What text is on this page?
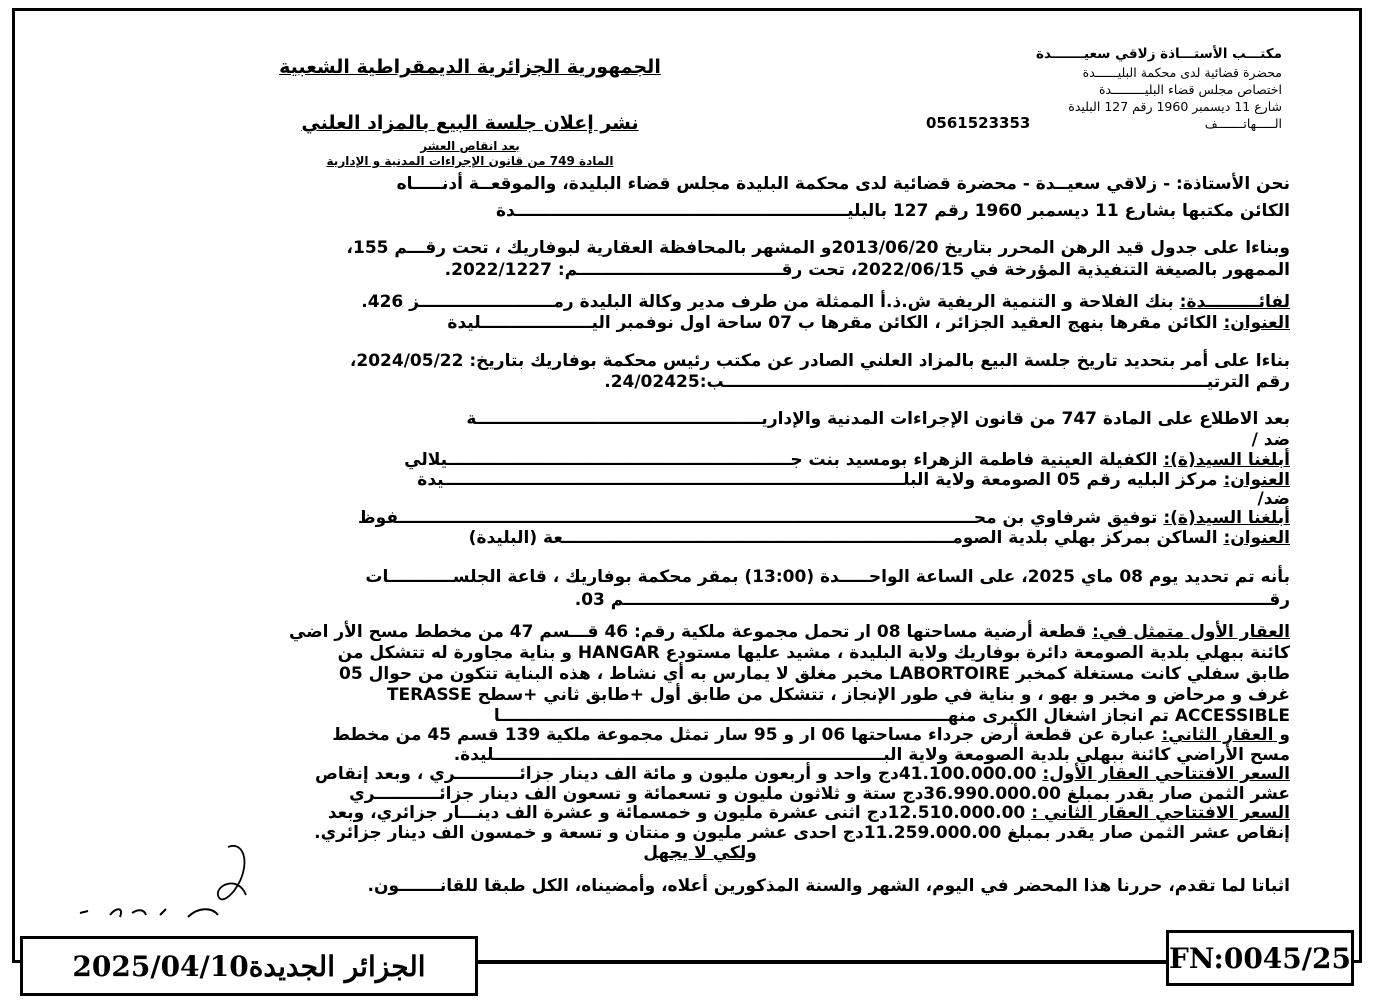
مكتـــب الأستـــاذة زلاقي سعيـــــــدة
محضرة قضائية لدى محكمة البليــــــدة
اختصاص مجلس قضاء البليـــــــــدة
شارع 11 ديسمبر 1960 رقم 127 البليدة
الـــــهاتـــــــف
0561523353
الجمهورية الجزائرية الديمقراطية الشعبية
نشر إعلان جلسة البيع بالمزاد العلني
بعد انقاص العشر
المادة 749 من قانون الإجراءات المدنية و الإدارية
نحن الأستاذة: - زلاقي سعيــدة - محضرة قضائية لدى محكمة البليدة مجلس قضاء البليدة، والموقعــة أدنـــــاه
الكائن مكتبها بشارع 11 ديسمبر 1960 رقم 127 بالبليـــــــــــــــــــــــــــــــــــــــــــــــــــــــــدة
وبناءا على جدول قيد الرهن المحرر بتاريخ 2013/06/20و المشهر بالمحافظة العقارية لبوفاريك ، تحت رقـــم 155،
الممهور بالصيغة التنفيذية المؤرخة في 2022/06/15، تحت رقـــــــــــــــــــــــــــــــــــم: 2022/1227.
لفائـــــــــدة: بنك الفلاحة و التنمية الريفية ش.ذ.أ الممثلة من طرف مدير وكالة البليدة رمـــــــــــــــــــــــز 426.
العنوان: الكائن مقرها بنهج العقيد الجزائر ، الكائن مقرها ب 07 ساحة اول نوفمبر اليـــــــــــــــــــليدة
بناءا على أمر بتحديد تاريخ جلسة البيع بالمزاد العلني الصادر عن مكتب رئيس محكمة بوفاريك بتاريخ: 2024/05/22،
رقم الترتيـــــــــــــــــــــــــــــــــــــــــــــــــــــــــــــــــــــــــــــــــــب:24/02425.
بعد الاطلاع على المادة 747 من قانون الإجراءات المدنية والإداريـــــــــــــــــــــــــــــــــــــــــــــــــة
ضد /
أبلغنا السيد(ة): الكفيلة العينية فاطمة الزهراء بومسيد بنت جـــــــــــــــــــــــــــــــــــــــــــــــــــــــــــيلالي
العنوان: مركز البليه رقم 05 الصومعة ولاية البلـــــــــــــــــــــــــــــــــــــــــــــــــــــــــــــــــــــــــــــــيدة
ضد/
أبلغنا السيد(ة): توفيق شرفاوي بن محـــــــــــــــــــــــــــــــــــــــــــــــــــــــــــــــــــــــــــــــــــــــــــــــــــفوظ
العنوان: الساكن بمركز بهلي بلدية الصومـــــــــــــــــــــــــــــــــــــــــــــــــــــــــــــــــــعة (البليدة)
بأنه تم تحديد يوم 08 ماي 2025، على الساعة الواحـــــدة (13:00) بمقر محكمة بوفاريك ، قاعة الجلســـــــــــات
رقـــــــــــــــــــــــــــــــــــــــــــــــــــــــــــــــــــــــــــــــــــــــــــــــــــــــــــــــم 03.
العقار الأول متمثل في: قطعة أرضية مساحتها 08 ار تحمل مجموعة ملكية رقم: 46 قـــسم 47 من مخطط مسح الأر اضي
كائنة ببهلي بلدية الصومعة دائرة بوفاريك ولاية البليدة ، مشيد عليها مستودع HANGAR و بناية مجاورة له تتشكل من
طابق سفلي كانت مستغلة كمخبر LABORTOIRE مخبر مغلق لا يمارس به أي نشاط ، هذه البناية تتكون من حوال 05
غرف و مرحاض و مخبر و بهو ، و بناية في طور الإنجاز ، تتشكل من طابق أول +طابق ثاني +سطح TERASSE
ACCESSIBLE تم انجاز اشغال الكبرى منهـــــــــــــــــــــــــــــــــــــــــــــــــــــــــــــــــــــــــــــا
و العقار الثاني: عبارة عن قطعة أرض جرداء مساحتها 06 ار و 95 سار تمثل مجموعة ملكية 139 قسم 45 من مخطط
مسح الأراضي كائنة ببهلي بلدية الصومعة ولاية البـــــــــــــــــــــــــــــــــــــــــــــــــــــــــــــــــــليدة.
السعر الافتتاحي العقار الأول: 41.100.000.00دج واحد و أربعون مليون و مائة الف دينار جزائـــــــــــري ، وبعد إنقاص
عشر الثمن صار يقدر بمبلغ 36.990.000.00دج ستة و ثلاثون مليون و تسعمائة و تسعون الف دينار جزائـــــــــــري
السعر الافتتاحي العقار الثاني : 12.510.000.00دج اثنى عشرة مليون و خمسمائة و عشرة الف دينـــار جزائري، وبعد
إنقاص عشر الثمن صار يقدر بمبلغ 11.259.000.00دج احدى عشر مليون و منتان و تسعة و خمسون الف دينار جزائري.
ولكي لا يجهل
اثباتا لما تقدم، حررنا هذا المحضر في اليوم، الشهر والسنة المذكورين أعلاه، وأمضيناه، الكل طبقا للقانـــــــون.
الجزائر الجديدة2025/04/10	FN:0045/25
